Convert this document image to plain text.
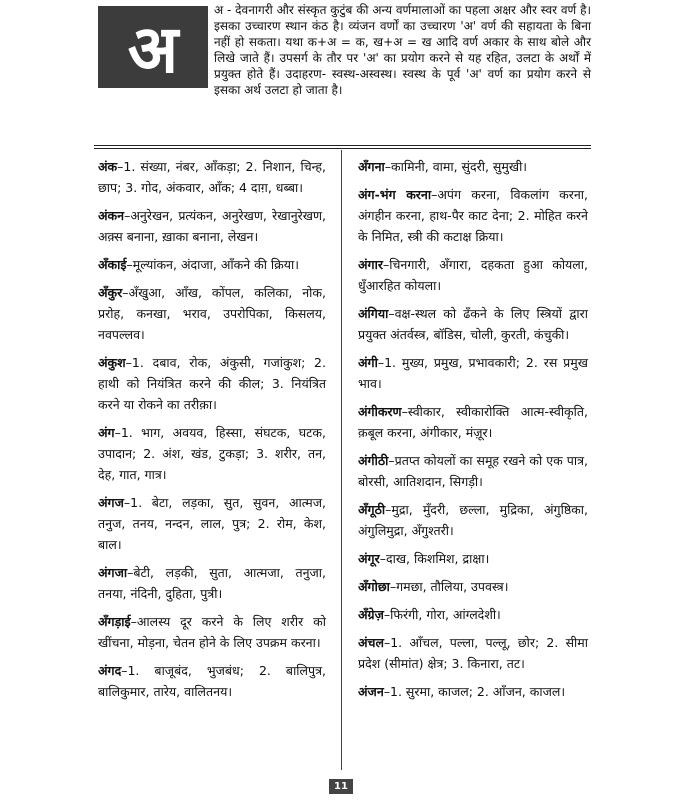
अ

अ - देवनागरी और संस्कृत कुटुंब की अन्य वर्णमालाओं का पहला अक्षर और स्वर वर्ण है। इसका उच्चारण स्थान कंठ है। व्यंजन वर्णों का उच्चारण 'अ' वर्ण की सहायता के बिना नहीं हो सकता। यथा क+अ = क, ख+अ = ख आदि वर्ण अकार के साथ बोले और लिखे जाते हैं। उपसर्ग के तौर पर 'अ' का प्रयोग करने से यह रहित, उलटा के अर्थों में प्रयुक्त होते हैं। उदाहरण- स्वस्थ-अस्वस्थ। स्वस्थ के पूर्व 'अ' वर्ण का प्रयोग करने से इसका अर्थ उलटा हो जाता है।

अंक–1. संख्या, नंबर, आँकड़ा; 2. निशान, चिन्ह, छाप; 3. गोद, अंकवार, आँक; 4 दाग़, धब्बा।

अंकन–अनुरेखन, प्रत्यंकन, अनुरेखण, रेखानुरेखण, अक़्स बनाना, ख़ाका बनाना, लेखन।

अँकाई–मूल्यांकन, अंदाजा, आँकने की क्रिया।

अँकुर–अँखुआ, आँख, कोंपल, कलिका, नोक, प्ररोह, कनखा, भराव, उपरोपिका, किसलय, नवपल्लव।

अंकुश–1. दबाव, रोक, अंकुसी, गजांकुश; 2. हाथी को नियंत्रित करने की कील; 3. नियंत्रित करने या रोकने का तरीक़ा।

अंग–1. भाग, अवयव, हिस्सा, संघटक, घटक, उपादान; 2. अंश, खंड, टुकड़ा; 3. शरीर, तन, देह, गात, गात्र।

अंगज–1. बेटा, लड़का, सुत, सुवन, आत्मज, तनुज, तनय, नन्दन, लाल, पुत्र; 2. रोम, केश, बाल।

अंगजा–बेटी, लड़की, सुता, आत्मजा, तनुजा, तनया, नंदिनी, दुहिता, पुत्री।

अँगड़ाई–आलस्य दूर करने के लिए शरीर को खींचना, मोड़ना, चेतन होने के लिए उपक्रम करना।

अंगद–1. बाजूबंद, भुजबंध; 2. बालिपुत्र, बालिकुमार, तारेय, वालितनय।

अँगना–कामिनी, वामा, सुंदरी, सुमुखी।

अंग-भंग करना–अपंग करना, विकलांग करना, अंगहीन करना, हाथ-पैर काट देना; 2. मोहित करने के निमित, स्त्री की कटाक्ष क्रिया।

अंगार–चिनगारी, अँगारा, दहकता हुआ कोयला, धुँआरहित कोयला।

अंगिया–वक्ष-स्थल को ढँकने के लिए स्त्रियों द्वारा प्रयुक्त अंतर्वस्त्र, बॉडिस, चोली, कुरती, कंचुकी।

अंगी–1. मुख्य, प्रमुख, प्रभावकारी; 2. रस प्रमुख भाव।

अंगीकरण–स्वीकार, स्वीकारोक्ति आत्म-स्वीकृति, क़बूल करना, अंगीकार, मंज़ूर।

अंगीठी–प्रतप्त कोयलों का समूह रखने को एक पात्र, बोरसी, आतिशदान, सिगड़ी।

अँगूठी–मुद्रा, मुँदरी, छल्ला, मुद्रिका, अंगुष्ठिका, अंगुलिमुद्रा, अँगुश्तरी।

अंगूर–दाख, किशमिश, द्राक्षा।

अँगोछा–गमछा, तौलिया, उपवस्त्र।

अँग्रेज़–फिरंगी, गोरा, आंग्लदेशी।

अंचल–1. आँचल, पल्ला, पल्लू, छोर; 2. सीमा प्रदेश (सीमांत) क्षेत्र; 3. किनारा, तट।

अंजन–1. सुरमा, काजल; 2. आँजन, काजल।

11
